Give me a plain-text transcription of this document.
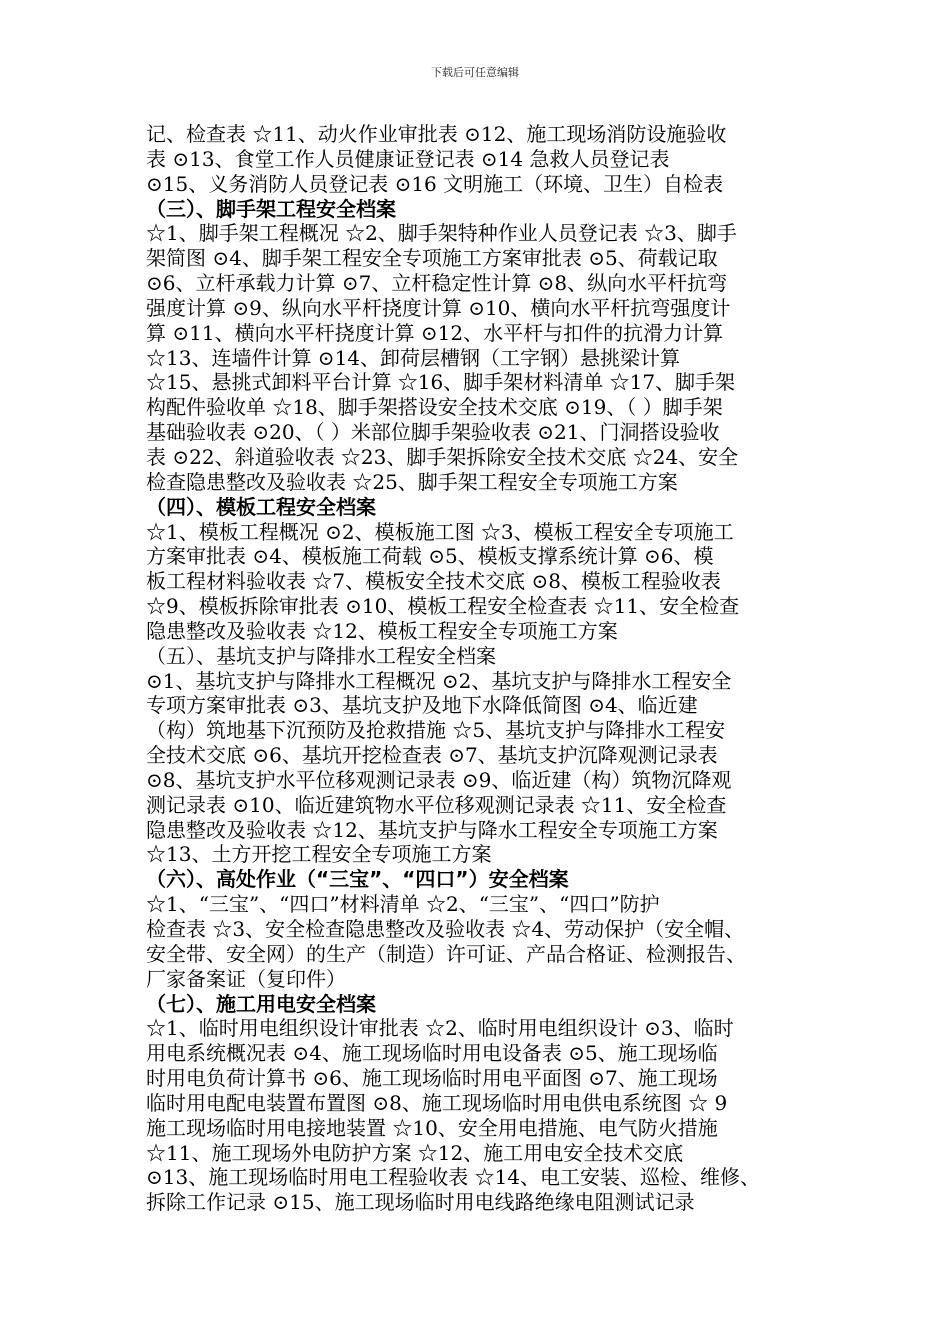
下载后可任意编辑
记、检查表 ☆11、动火作业审批表 ⊙12、施工现场消防设施验收
表 ⊙13、食堂工作人员健康证登记表 ⊙14 急救人员登记表
⊙15、义务消防人员登记表 ⊙16 文明施工（环境、卫生）自检表
（三）、脚手架工程安全档案
☆1、脚手架工程概况 ☆2、脚手架特种作业人员登记表 ☆3、脚手
架简图 ⊙4、脚手架工程安全专项施工方案审批表 ⊙5、荷载记取
⊙6、立杆承载力计算 ⊙7、立杆稳定性计算 ⊙8、纵向水平杆抗弯
强度计算 ⊙9、纵向水平杆挠度计算 ⊙10、横向水平杆抗弯强度计
算 ⊙11、横向水平杆挠度计算 ⊙12、水平杆与扣件的抗滑力计算
☆13、连墙件计算 ⊙14、卸荷层槽钢（工字钢）悬挑梁计算
☆15、悬挑式卸料平台计算 ☆16、脚手架材料清单 ☆17、脚手架
构配件验收单 ☆18、脚手架搭设安全技术交底 ⊙19、（ ）脚手架
基础验收表 ⊙20、（ ）米部位脚手架验收表 ⊙21、门洞搭设验收
表 ⊙22、斜道验收表 ☆23、脚手架拆除安全技术交底 ☆24、安全
检查隐患整改及验收表 ☆25、脚手架工程安全专项施工方案
（四）、模板工程安全档案
☆1、模板工程概况 ⊙2、模板施工图 ☆3、模板工程安全专项施工
方案审批表 ⊙4、模板施工荷载 ⊙5、模板支撑系统计算 ⊙6、模
板工程材料验收表 ☆7、模板安全技术交底 ⊙8、模板工程验收表
☆9、模板拆除审批表 ⊙10、模板工程安全检查表 ☆11、安全检查
隐患整改及验收表 ☆12、模板工程安全专项施工方案
（五）、基坑支护与降排水工程安全档案
⊙1、基坑支护与降排水工程概况 ⊙2、基坑支护与降排水工程安全
专项方案审批表 ⊙3、基坑支护及地下水降低简图 ⊙4、临近建
（构）筑地基下沉预防及抢救措施 ☆5、基坑支护与降排水工程安
全技术交底 ⊙6、基坑开挖检查表 ⊙7、基坑支护沉降观测记录表
⊙8、基坑支护水平位移观测记录表 ⊙9、临近建（构）筑物沉降观
测记录表 ⊙10、临近建筑物水平位移观测记录表 ☆11、安全检查
隐患整改及验收表 ☆12、基坑支护与降水工程安全专项施工方案
☆13、土方开挖工程安全专项施工方案
（六）、高处作业（“三宝”、“四口”）安全档案
☆1、“三宝”、“四口”材料清单 ☆2、“三宝”、“四口”防护
检查表 ☆3、安全检查隐患整改及验收表 ☆4、劳动保护（安全帽、
安全带、安全网）的生产（制造）许可证、产品合格证、检测报告、
厂家备案证（复印件）
（七）、施工用电安全档案
☆1、临时用电组织设计审批表 ☆2、临时用电组织设计 ⊙3、临时
用电系统概况表 ⊙4、施工现场临时用电设备表 ⊙5、施工现场临
时用电负荷计算书 ⊙6、施工现场临时用电平面图 ⊙7、施工现场
临时用电配电装置布置图 ⊙8、施工现场临时用电供电系统图 ☆ 9
施工现场临时用电接地装置 ☆10、安全用电措施、电气防火措施
☆11、施工现场外电防护方案 ☆12、施工用电安全技术交底
⊙13、施工现场临时用电工程验收表 ☆14、电工安装、巡检、维修、
拆除工作记录 ⊙15、施工现场临时用电线路绝缘电阻测试记录
